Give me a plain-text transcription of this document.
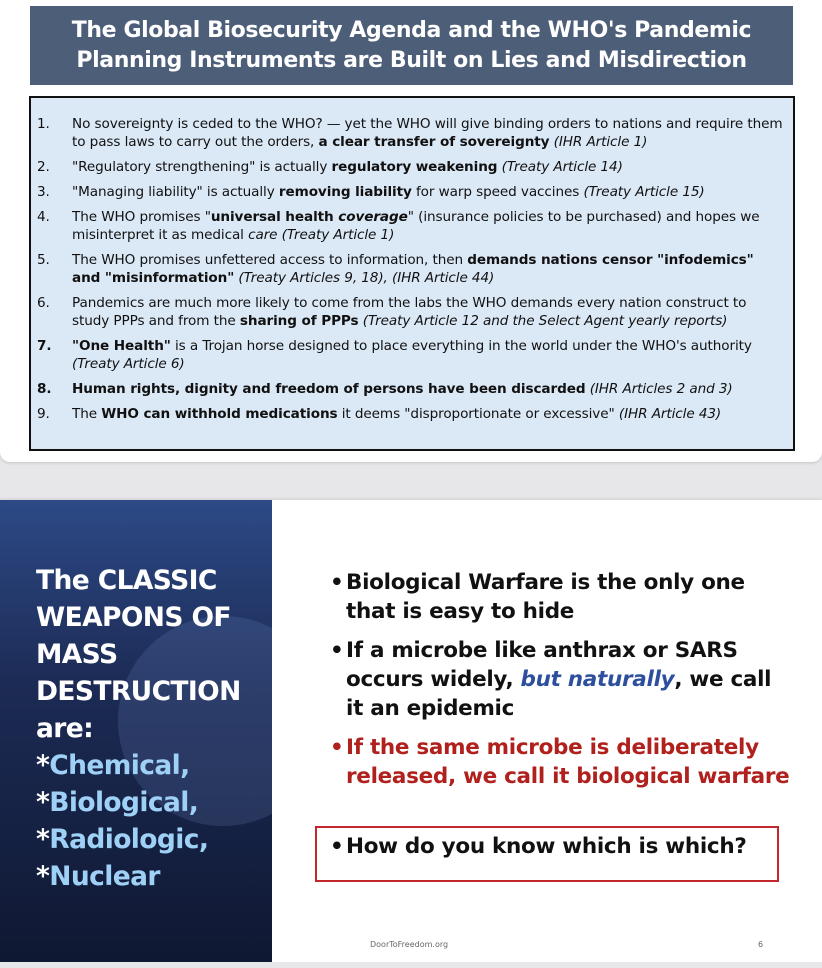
The Global Biosecurity Agenda and the WHO's Pandemic Planning Instruments are Built on Lies and Misdirection
1.	No sovereignty is ceded to the WHO? — yet the WHO will give binding orders to nations and require them to pass laws to carry out the orders, a clear transfer of sovereignty (IHR Article 1)
2.	"Regulatory strengthening" is actually regulatory weakening (Treaty Article 14)
3.	"Managing liability" is actually removing liability for warp speed vaccines (Treaty Article 15)
4.	The WHO promises "universal health coverage" (insurance policies to be purchased) and hopes we misinterpret it as medical care (Treaty Article 1)
5.	The WHO promises unfettered access to information, then demands nations censor "infodemics" and "misinformation" (Treaty Articles 9, 18), (IHR Article 44)
6.	Pandemics are much more likely to come from the labs the WHO demands every nation construct to study PPPs and from the sharing of PPPs (Treaty Article 12 and the Select Agent yearly reports)
7.	"One Health" is a Trojan horse designed to place everything in the world under the WHO's authority (Treaty Article 6)
8.	Human rights, dignity and freedom of persons have been discarded (IHR Articles 2 and 3)
9.	The WHO can withhold medications it deems "disproportionate or excessive" (IHR Article 43)
The CLASSIC
WEAPONS OF
MASS
DESTRUCTION
are:
*Chemical,
*Biological,
*Radiologic,
*Nuclear
• Biological Warfare is the only one that is easy to hide
• If a microbe like anthrax or SARS occurs widely, but naturally, we call it an epidemic
• If the same microbe is deliberately released, we call it biological warfare
• How do you know which is which?
DoorToFreedom.org	6
